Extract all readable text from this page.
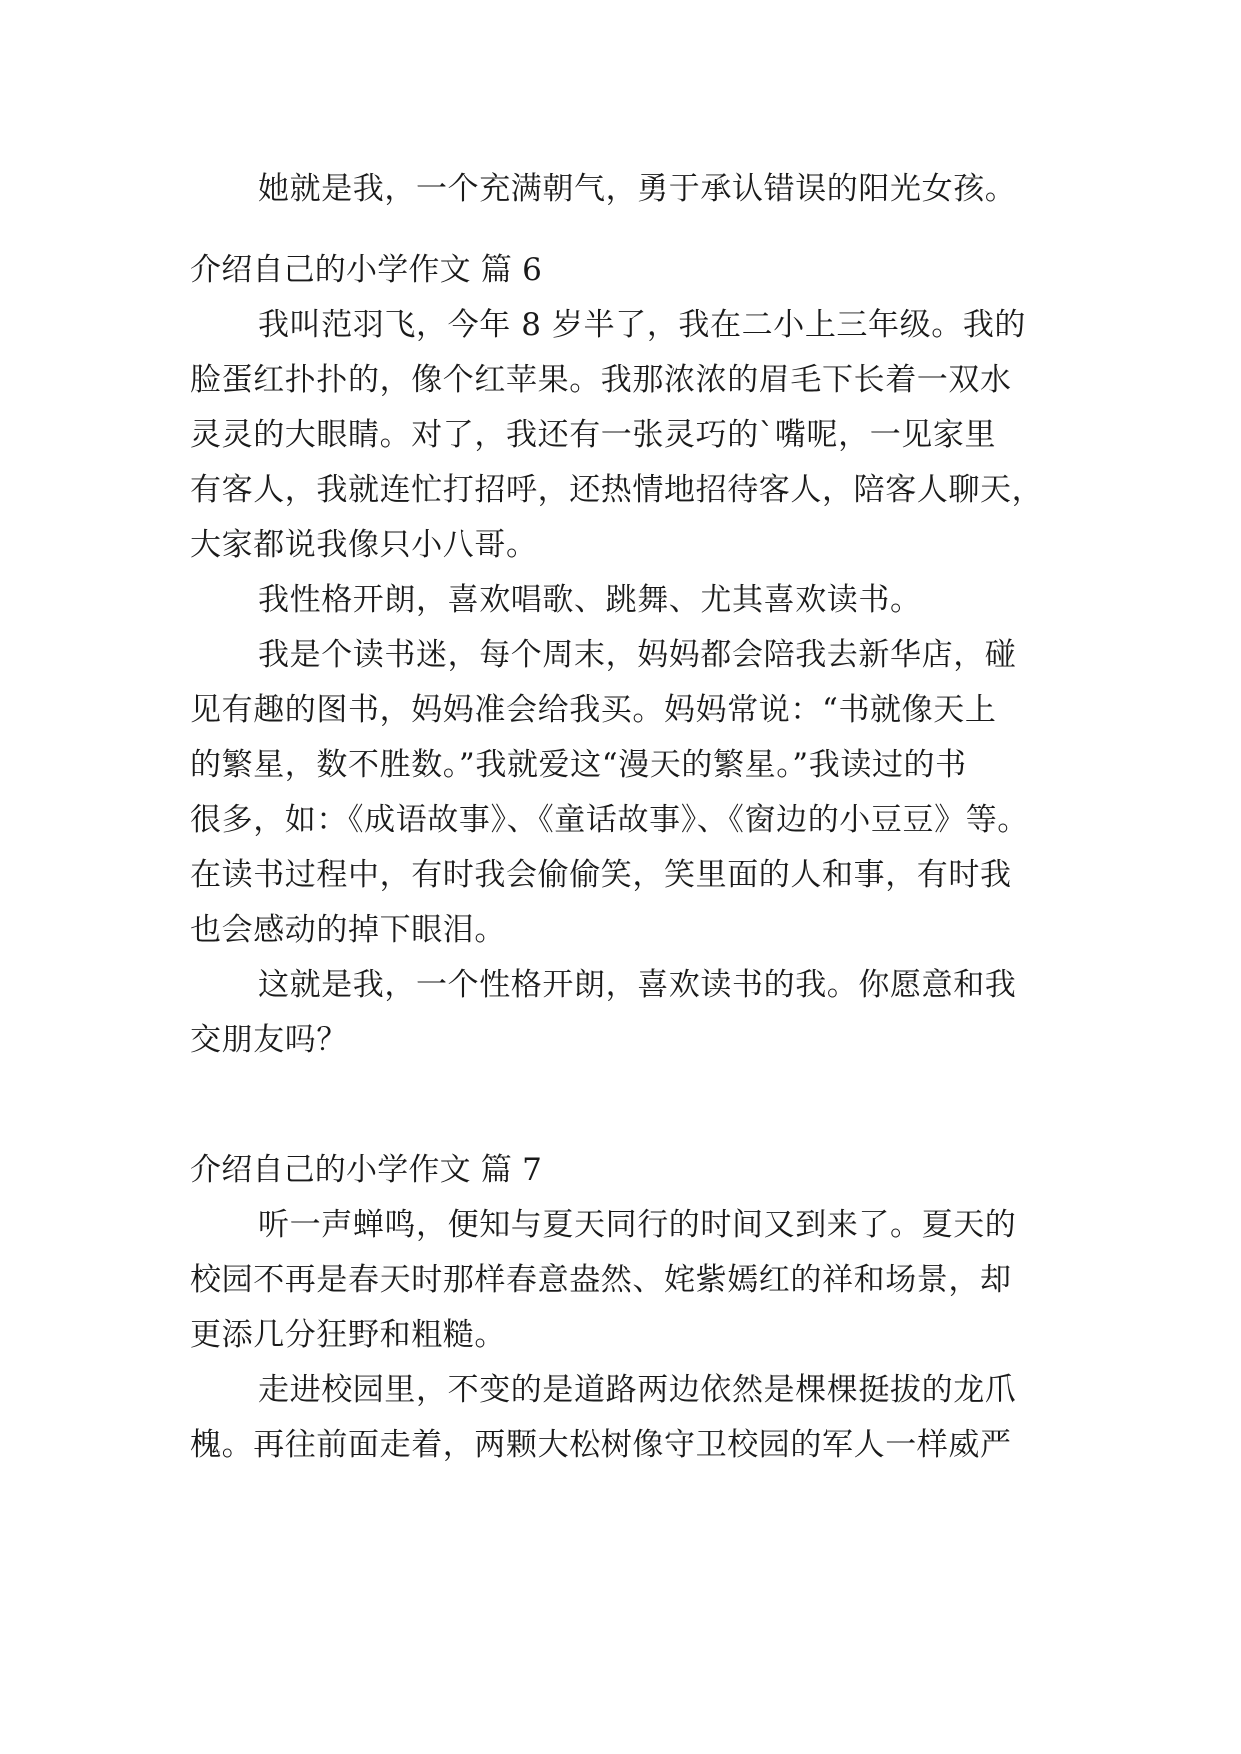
她就是我，一个充满朝气，勇于承认错误的阳光女孩。
介绍自己的小学作文 篇 6
我叫范羽飞，今年 8 岁半了，我在二小上三年级。我的
脸蛋红扑扑的，像个红苹果。我那浓浓的眉毛下长着一双水
灵灵的大眼睛。对了，我还有一张灵巧的`嘴呢，一见家里
有客人，我就连忙打招呼，还热情地招待客人，陪客人聊天，
大家都说我像只小八哥。
我性格开朗，喜欢唱歌、跳舞、尤其喜欢读书。
我是个读书迷，每个周末，妈妈都会陪我去新华店，碰
见有趣的图书，妈妈准会给我买。妈妈常说：“书就像天上
的繁星，数不胜数。”我就爱这“漫天的繁星。”我读过的书
很多，如：《成语故事》、《童话故事》、《窗边的小豆豆》等。
在读书过程中，有时我会偷偷笑，笑里面的人和事，有时我
也会感动的掉下眼泪。
这就是我，一个性格开朗，喜欢读书的我。你愿意和我
交朋友吗？
介绍自己的小学作文 篇 7
听一声蝉鸣，便知与夏天同行的时间又到来了。夏天的
校园不再是春天时那样春意盎然、姹紫嫣红的祥和场景，却
更添几分狂野和粗糙。
走进校园里，不变的是道路两边依然是棵棵挺拔的龙爪
槐。再往前面走着，两颗大松树像守卫校园的军人一样威严
